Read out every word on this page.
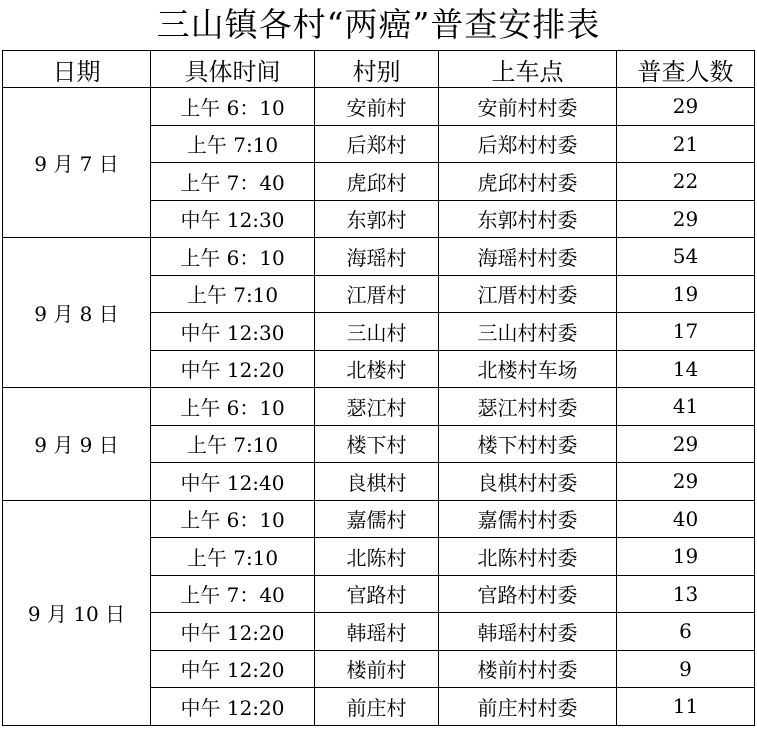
三山镇各村“两癌”普查安排表
日期	具体时间	村别	上车点	普查人数
9 月 7 日	上午 6：10	安前村	安前村村委	29
	上午 7:10	后郑村	后郑村村委	21
	上午 7：40	虎邱村	虎邱村村委	22
	中午 12:30	东郭村	东郭村村委	29
9 月 8 日	上午 6：10	海瑶村	海瑶村村委	54
	上午 7:10	江厝村	江厝村村委	19
	中午 12:30	三山村	三山村村委	17
	中午 12:20	北楼村	北楼村车场	14
9 月 9 日	上午 6：10	瑟江村	瑟江村村委	41
	上午 7:10	楼下村	楼下村村委	29
	中午 12:40	良棋村	良棋村村委	29
9 月 10 日	上午 6：10	嘉儒村	嘉儒村村委	40
	上午 7:10	北陈村	北陈村村委	19
	上午 7：40	官路村	官路村村委	13
	中午 12:20	韩瑶村	韩瑶村村委	6
	中午 12:20	楼前村	楼前村村委	9
	中午 12:20	前庄村	前庄村村委	11
